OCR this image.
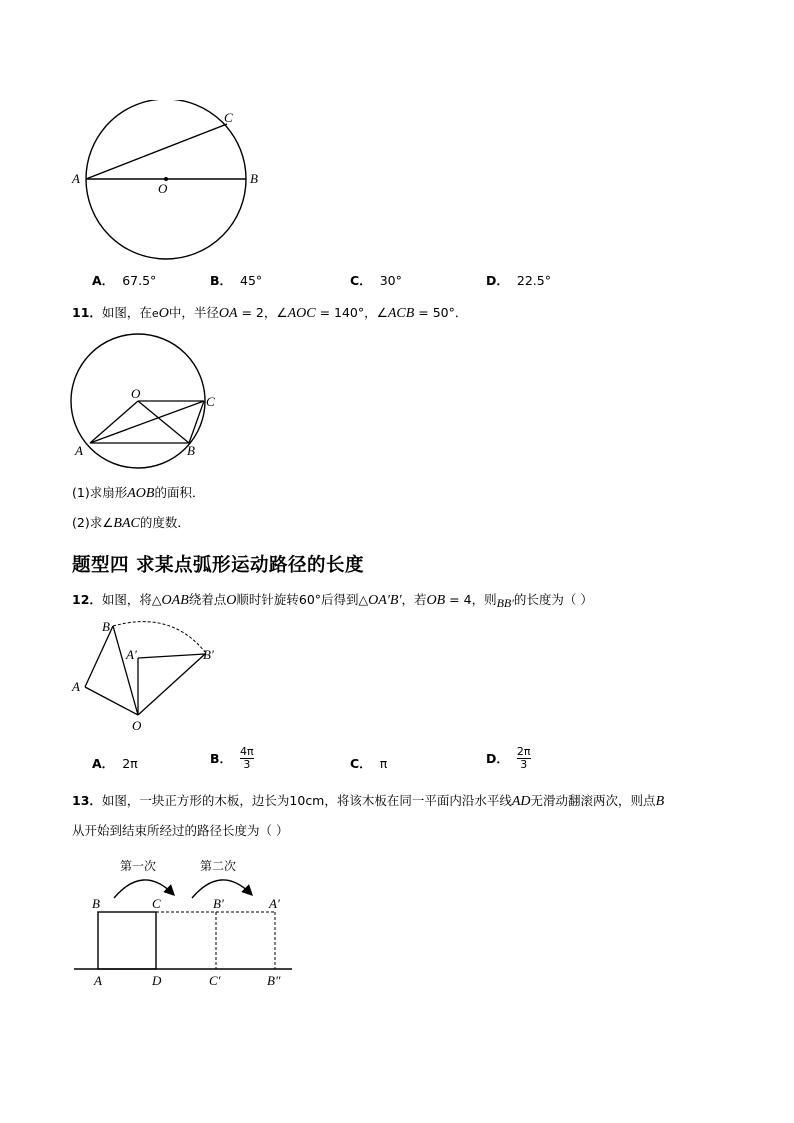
A	B
C
O
A． 67.5°	B． 45°	C． 30°	D． 22.5°
11．如图，在eO中，半径OA = 2，∠AOC = 140°，∠ACB = 50°．
O
C
A	B
(1)求扇形AOB的面积．
(2)求∠BAC的度数．
题型四 求某点弧形运动路径的长度
12．如图，将△OAB绕着点O顺时针旋转60°后得到△OA′B′，若OB = 4，则BB′的长度为（ ）
B
A′	B′
A
O
A． 2π	B． $\frac{4\pi}{3}$	C． π	D． $\frac{2\pi}{3}$
13．如图，一块正方形的木板，边长为10cm，将该木板在同一平面内沿水平线AD无滑动翻滚两次，则点B
从开始到结束所经过的路径长度为（ ）
第一次	第二次
B	C	B′	A′
A	D	C′	B″
